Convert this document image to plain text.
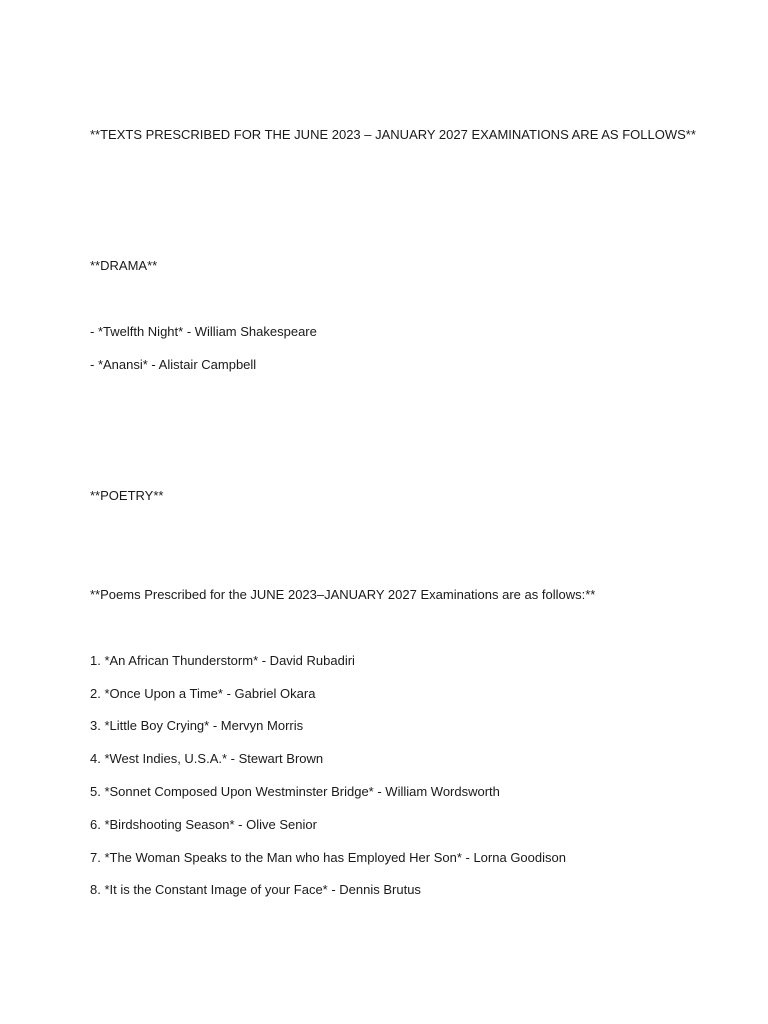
**TEXTS PRESCRIBED FOR THE JUNE 2023 – JANUARY 2027 EXAMINATIONS ARE AS FOLLOWS**
**DRAMA**
- *Twelfth Night* - William Shakespeare
- *Anansi* - Alistair Campbell
**POETRY**
**Poems Prescribed for the JUNE 2023–JANUARY 2027 Examinations are as follows:**
1. *An African Thunderstorm* - David Rubadiri
2. *Once Upon a Time* - Gabriel Okara
3. *Little Boy Crying* - Mervyn Morris
4. *West Indies, U.S.A.* - Stewart Brown
5. *Sonnet Composed Upon Westminster Bridge* - William Wordsworth
6. *Birdshooting Season* - Olive Senior
7. *The Woman Speaks to the Man who has Employed Her Son* - Lorna Goodison
8. *It is the Constant Image of your Face* - Dennis Brutus
